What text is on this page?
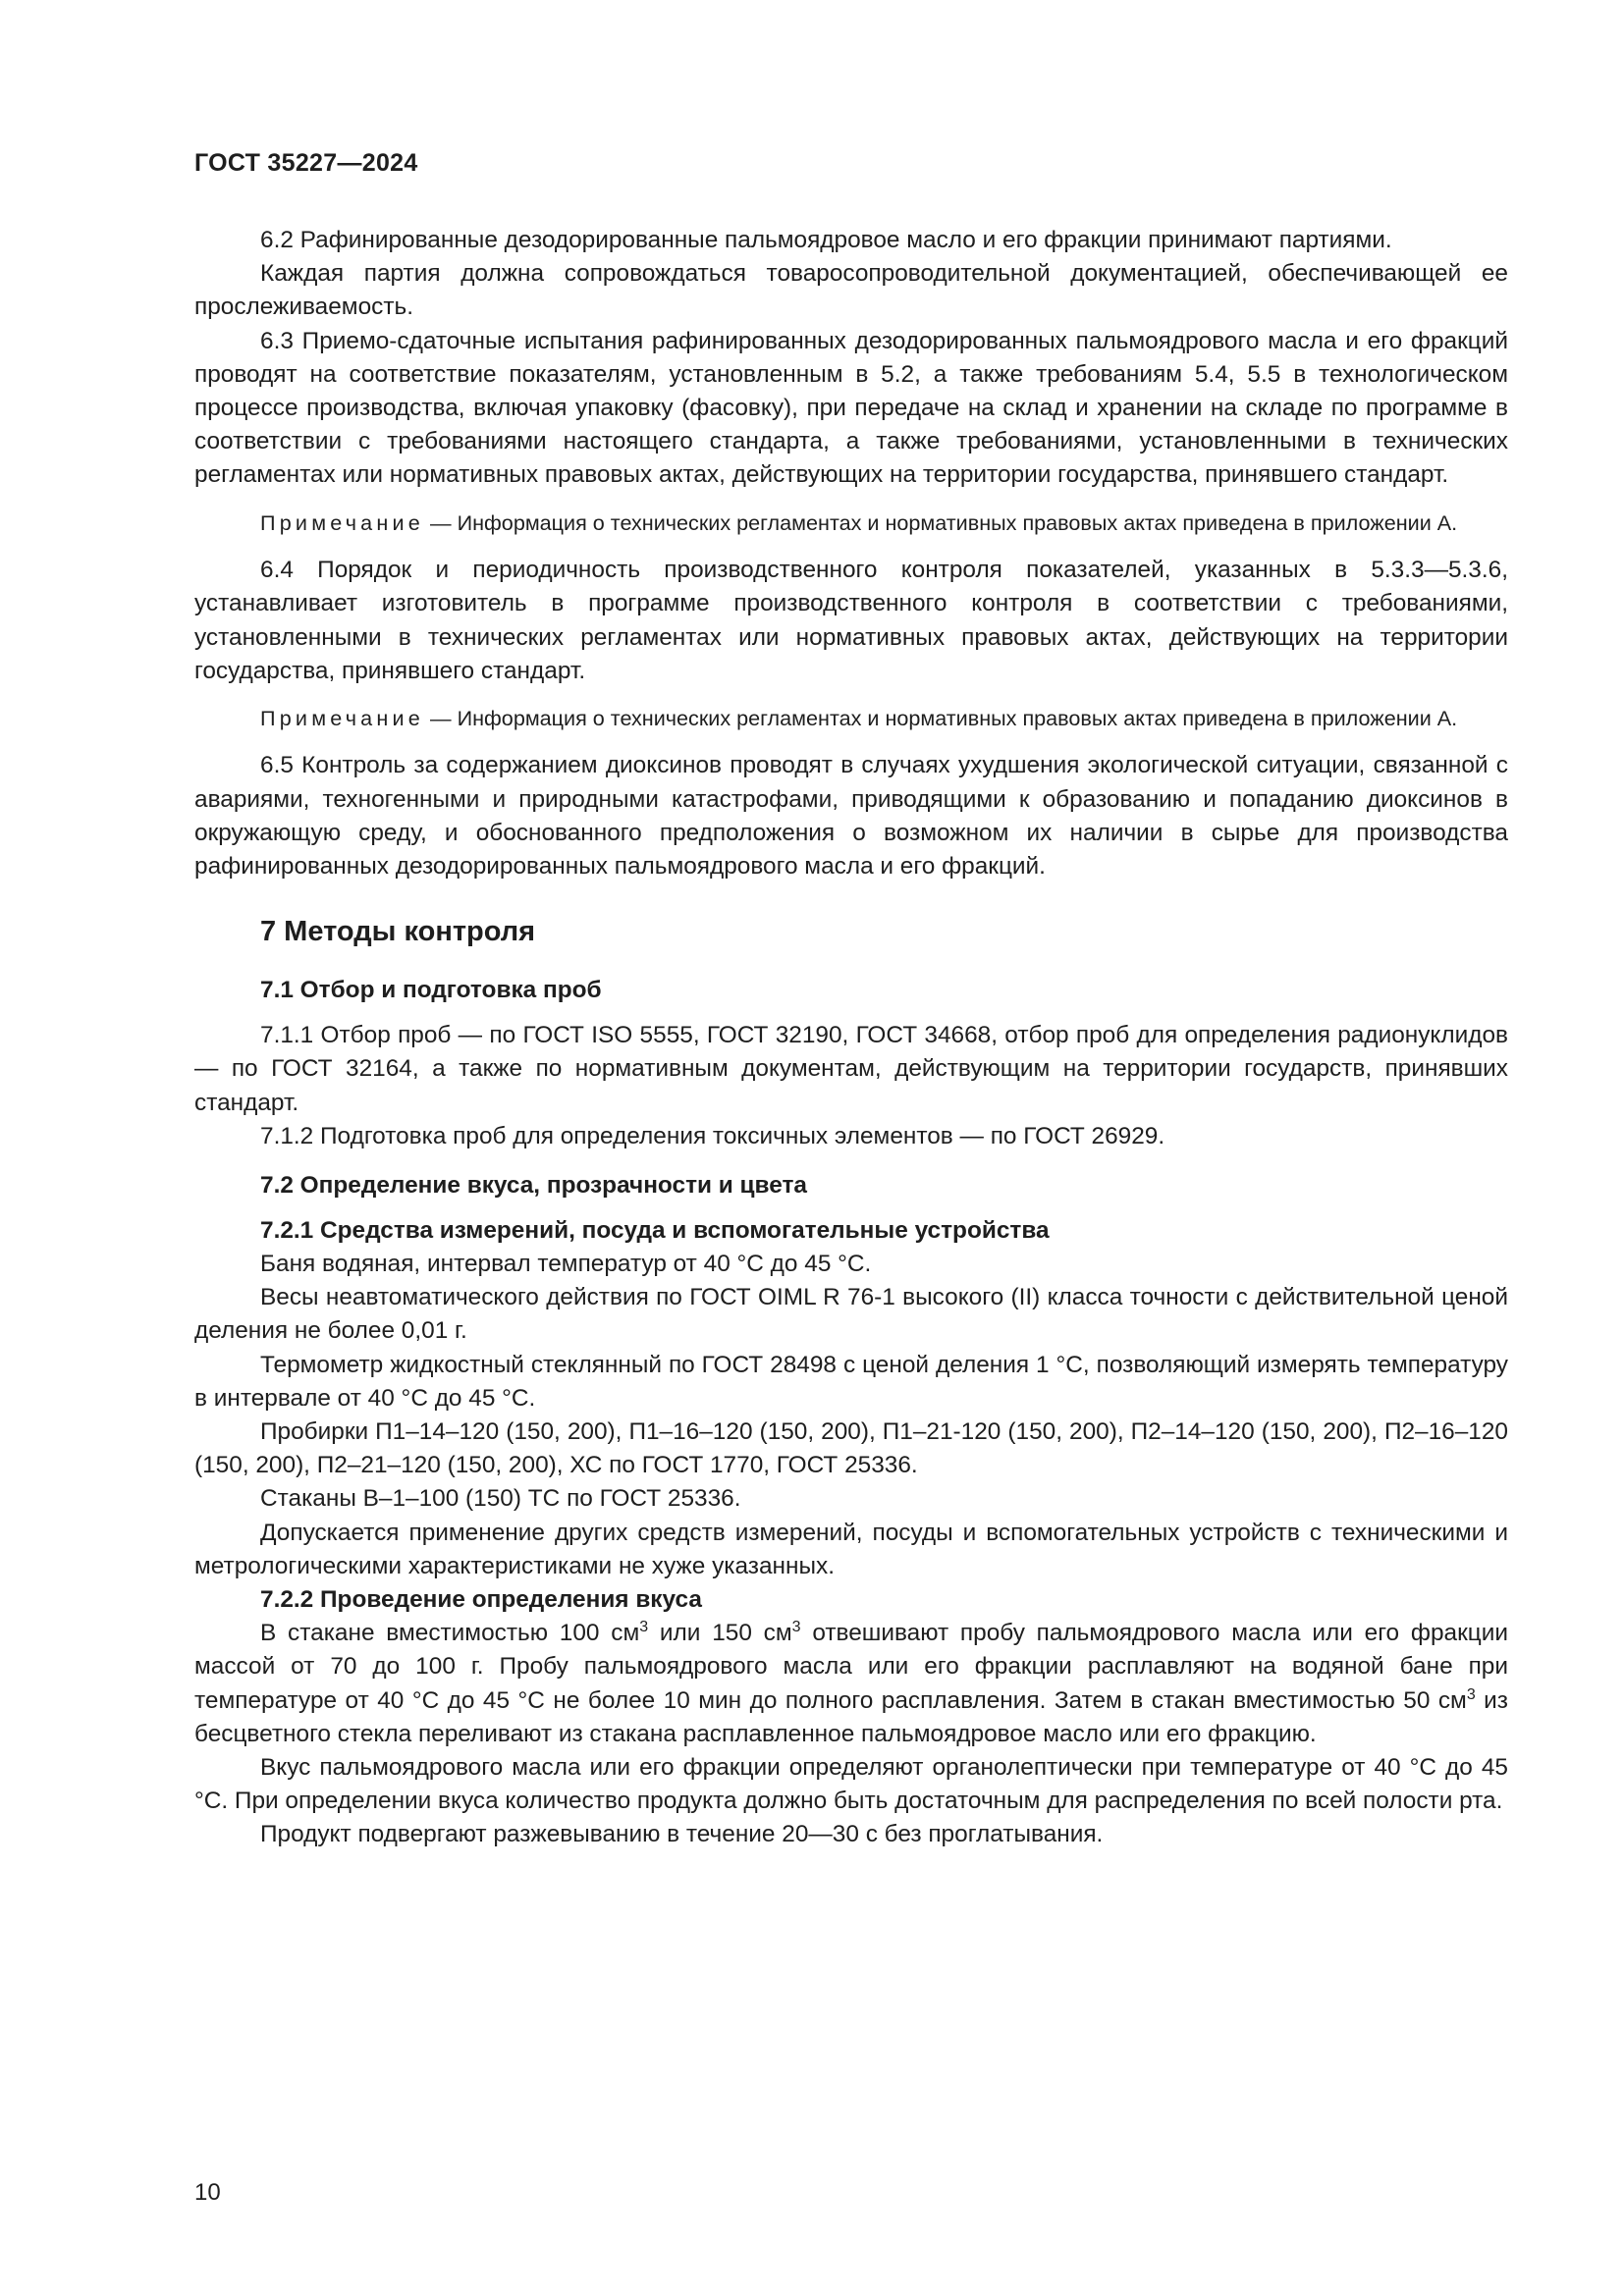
ГОСТ 35227—2024

6.2 Рафинированные дезодорированные пальмоядровое масло и его фракции принимают партиями.

Каждая партия должна сопровождаться товаросопроводительной документацией, обеспечивающей ее прослеживаемость.

6.3 Приемо-сдаточные испытания рафинированных дезодорированных пальмоядрового масла и его фракций проводят на соответствие показателям, установленным в 5.2, а также требованиям 5.4, 5.5 в технологическом процессе производства, включая упаковку (фасовку), при передаче на склад и хранении на складе по программе в соответствии с требованиями настоящего стандарта, а также требованиями, установленными в технических регламентах или нормативных правовых актах, действующих на территории государства, принявшего стандарт.

Примечание — Информация о технических регламентах и нормативных правовых актах приведена в приложении А.

6.4 Порядок и периодичность производственного контроля показателей, указанных в 5.3.3—5.3.6, устанавливает изготовитель в программе производственного контроля в соответствии с требованиями, установленными в технических регламентах или нормативных правовых актах, действующих на территории государства, принявшего стандарт.

Примечание — Информация о технических регламентах и нормативных правовых актах приведена в приложении А.

6.5 Контроль за содержанием диоксинов проводят в случаях ухудшения экологической ситуации, связанной с авариями, техногенными и природными катастрофами, приводящими к образованию и попаданию диоксинов в окружающую среду, и обоснованного предположения о возможном их наличии в сырье для производства рафинированных дезодорированных пальмоядрового масла и его фракций.

7 Методы контроля
7.1 Отбор и подготовка проб

7.1.1 Отбор проб — по ГОСТ ISO 5555, ГОСТ 32190, ГОСТ 34668, отбор проб для определения радионуклидов — по ГОСТ 32164, а также по нормативным документам, действующим на территории государств, принявших стандарт.

7.1.2 Подготовка проб для определения токсичных элементов — по ГОСТ 26929.

7.2 Определение вкуса, прозрачности и цвета
7.2.1 Средства измерений, посуда и вспомогательные устройства

Баня водяная, интервал температур от 40 °С до 45 °С.

Весы неавтоматического действия по ГОСТ OIML R 76-1 высокого (II) класса точности с действительной ценой деления не более 0,01 г.

Термометр жидкостный стеклянный по ГОСТ 28498 с ценой деления 1 °С, позволяющий измерять температуру в интервале от 40 °С до 45 °С.

Пробирки П1–14–120 (150, 200), П1–16–120 (150, 200), П1–21-120 (150, 200), П2–14–120 (150, 200), П2–16–120 (150, 200), П2–21–120 (150, 200), ХС по ГОСТ 1770, ГОСТ 25336.

Стаканы В–1–100 (150) ТС по ГОСТ 25336.

Допускается применение других средств измерений, посуды и вспомогательных устройств с техническими и метрологическими характеристиками не хуже указанных.

7.2.2 Проведение определения вкуса

В стакане вместимостью 100 $см^3$ или 150 $см^3$ отвешивают пробу пальмоядрового масла или его фракции массой от 70 до 100 г. Пробу пальмоядрового масла или его фракции расплавляют на водяной бане при температуре от 40 °С до 45 °С не более 10 мин до полного расплавления. Затем в стакан вместимостью 50 $см^3$ из бесцветного стекла переливают из стакана расплавленное пальмоядровое масло или его фракцию.

Вкус пальмоядрового масла или его фракции определяют органолептически при температуре от 40 °С до 45 °С. При определении вкуса количество продукта должно быть достаточным для распределения по всей полости рта.

Продукт подвергают разжевыванию в течение 20—30 с без проглатывания.

10
